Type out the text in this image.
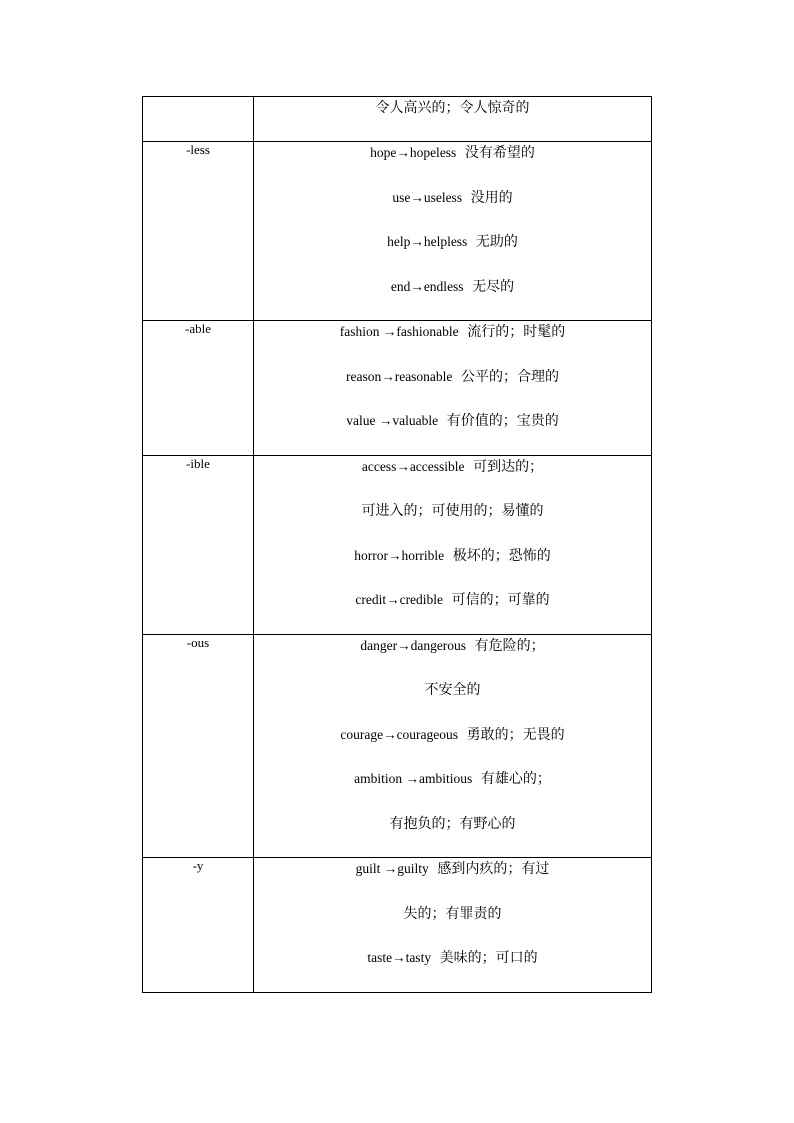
	令人高兴的；令人惊奇的

-less	hope→hopeless 没有希望的
use→useless 没用的
help→helpless 无助的
end→endless 无尽的

-able	fashion →fashionable 流行的；时髦的
reason→reasonable 公平的；合理的
value →valuable 有价值的；宝贵的

-ible	access→accessible 可到达的；
可进入的；可使用的；易懂的
horror→horrible 极坏的；恐怖的
credit→credible 可信的；可靠的

-ous	danger→dangerous 有危险的；
不安全的
courage→courageous 勇敢的；无畏的
ambition →ambitious 有雄心的；
有抱负的；有野心的

-y	guilt →guilty 感到内疚的；有过
失的；有罪责的
taste→tasty 美味的；可口的
